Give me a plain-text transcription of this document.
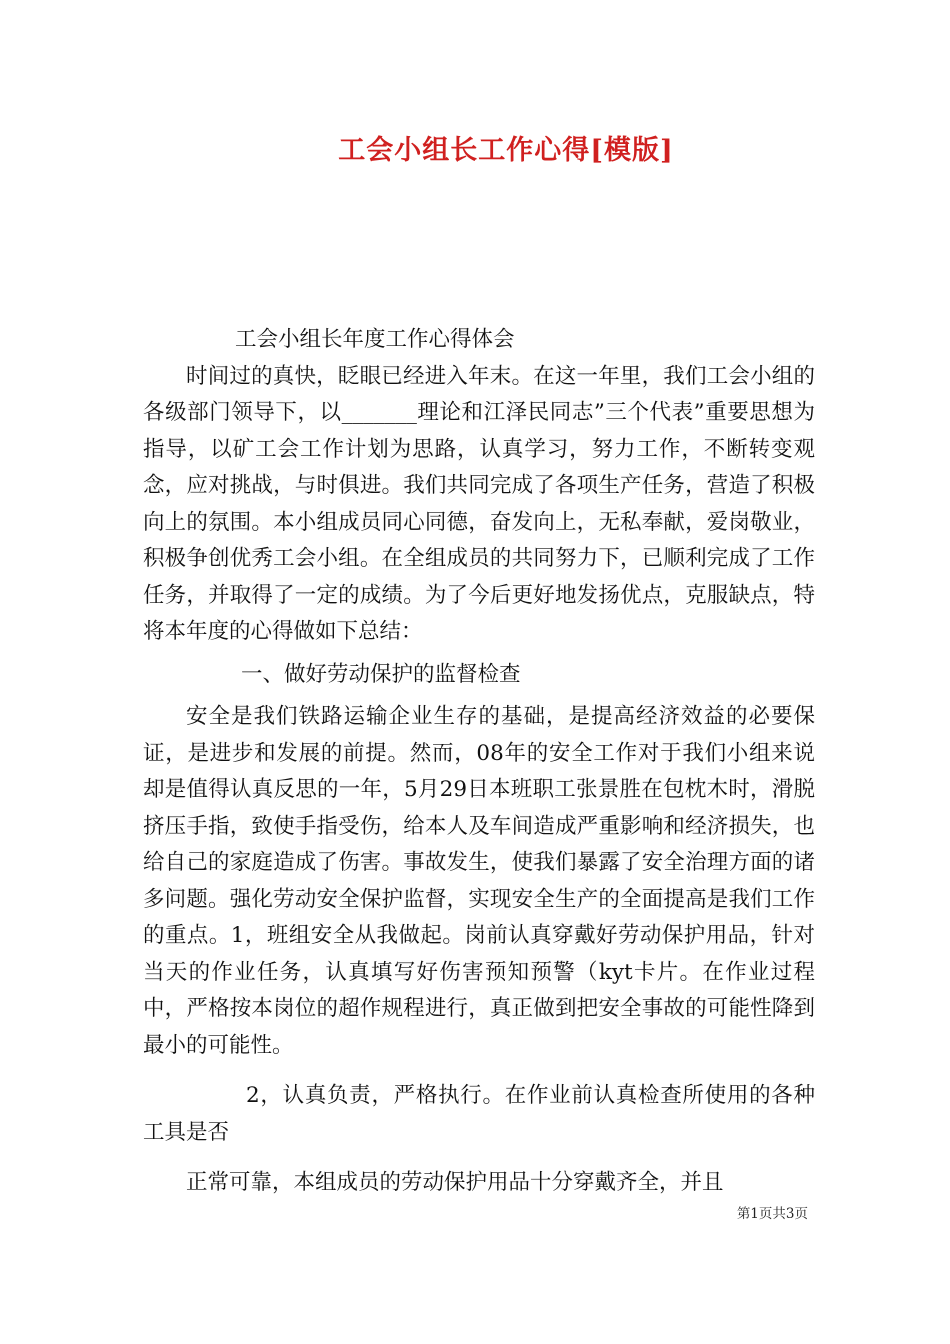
工会小组长工作心得[模版]

工会小组长年度工作心得体会

时间过的真快，眨眼已经进入年末。在这一年里，我们工会小组的各级部门领导下，以_______理论和江泽民同志”三个代表”重要思想为指导，以矿工会工作计划为思路，认真学习，努力工作，不断转变观念，应对挑战，与时俱进。我们共同完成了各项生产任务，营造了积极向上的氛围。本小组成员同心同德，奋发向上，无私奉献，爱岗敬业，积极争创优秀工会小组。在全组成员的共同努力下，已顺利完成了工作任务，并取得了一定的成绩。为了今后更好地发扬优点，克服缺点，特将本年度的心得做如下总结：

一、做好劳动保护的监督检查

安全是我们铁路运输企业生存的基础，是提高经济效益的必要保证，是进步和发展的前提。然而，08年的安全工作对于我们小组来说却是值得认真反思的一年，5月29日本班职工张景胜在包枕木时，滑脱挤压手指，致使手指受伤，给本人及车间造成严重影响和经济损失，也给自己的家庭造成了伤害。事故发生，使我们暴露了安全治理方面的诸多问题。强化劳动安全保护监督，实现安全生产的全面提高是我们工作的重点。1，班组安全从我做起。岗前认真穿戴好劳动保护用品，针对当天的作业任务，认真填写好伤害预知预警（kyt卡片。在作业过程中，严格按本岗位的超作规程进行，真正做到把安全事故的可能性降到最小的可能性。

2，认真负责，严格执行。在作业前认真检查所使用的各种工具是否

正常可靠，本组成员的劳动保护用品十分穿戴齐全，并且

第1页共3页
